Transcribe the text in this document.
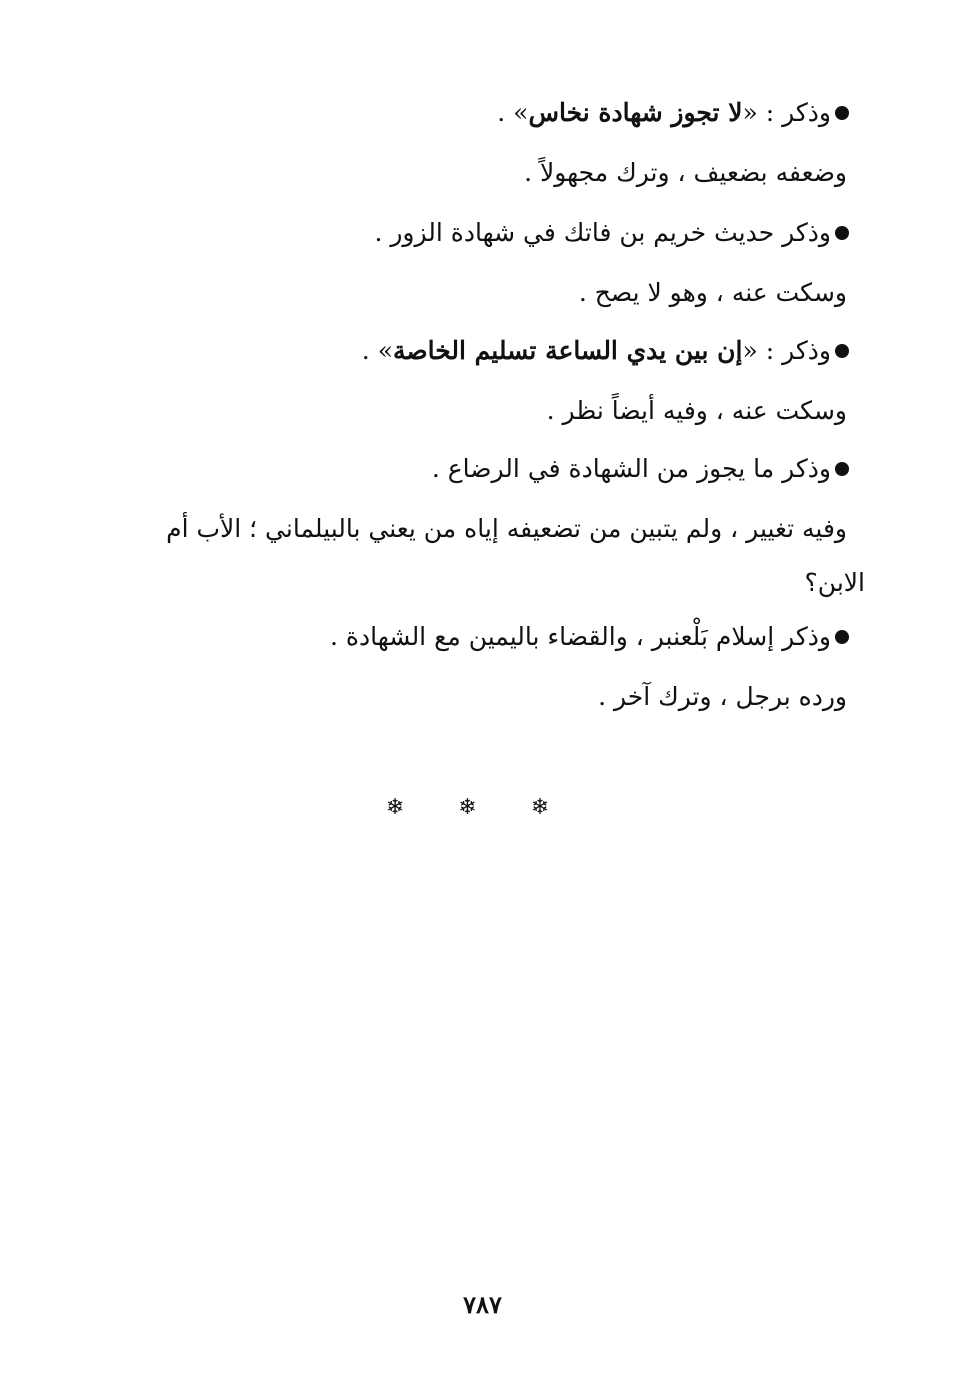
وذكر : «لا تجوز شهادة نخاس» .
وضعفه بضعيف ، وترك مجهولاً .
وذكر حديث خريم بن فاتك في شهادة الزور .
وسكت عنه ، وهو لا يصح .
وذكر : «إن بين يدي الساعة تسليم الخاصة» .
وسكت عنه ، وفيه أيضاً نظر .
وذكر ما يجوز من الشهادة في الرضاع .
وفيه تغيير ، ولم يتبين من تضعيفه إياه من يعني بالبيلماني ؛ الأب أم
الابن؟
وذكر إسلام بَلْعنبر ، والقضاء باليمين مع الشهادة .
ورده برجل ، وترك آخر .
❄ ❄ ❄
٧٨٧
